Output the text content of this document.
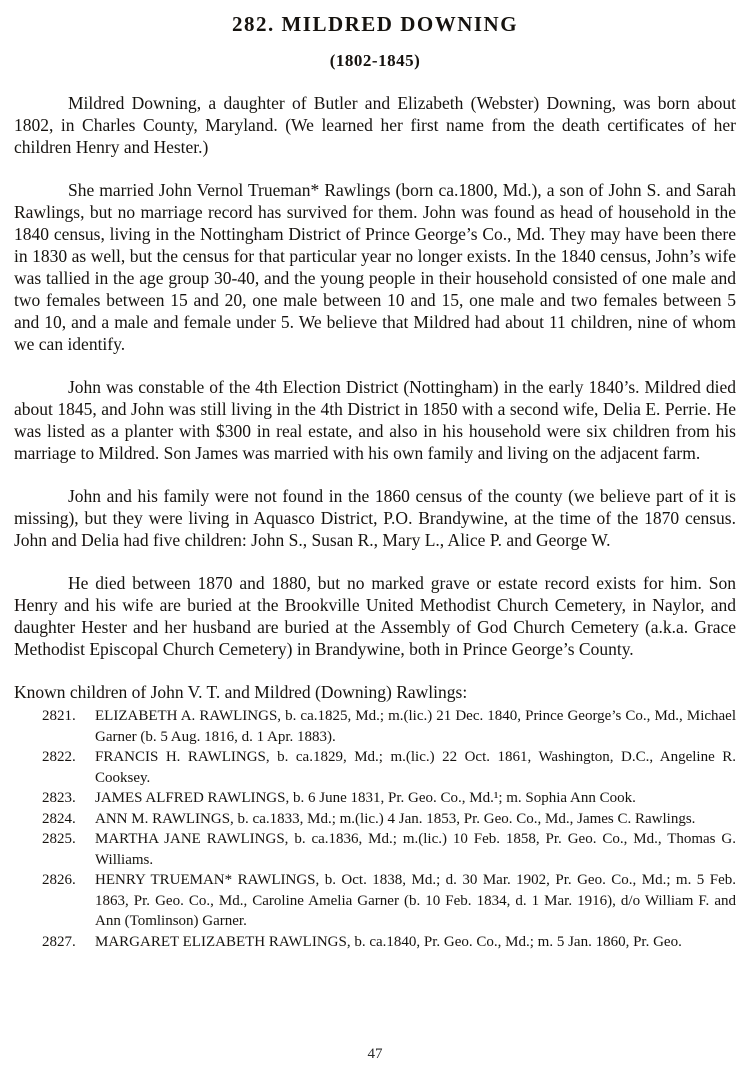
282. MILDRED DOWNING
(1802-1845)

Mildred Downing, a daughter of Butler and Elizabeth (Webster) Downing, was born about 1802, in Charles County, Maryland. (We learned her first name from the death certificates of her children Henry and Hester.)

She married John Vernol Trueman* Rawlings (born ca.1800, Md.), a son of John S. and Sarah Rawlings, but no marriage record has survived for them. John was found as head of household in the 1840 census, living in the Nottingham District of Prince George’s Co., Md. They may have been there in 1830 as well, but the census for that particular year no longer exists. In the 1840 census, John’s wife was tallied in the age group 30-40, and the young people in their household consisted of one male and two females between 15 and 20, one male between 10 and 15, one male and two females between 5 and 10, and a male and female under 5. We believe that Mildred had about 11 children, nine of whom we can identify.

John was constable of the 4th Election District (Nottingham) in the early 1840’s. Mildred died about 1845, and John was still living in the 4th District in 1850 with a second wife, Delia E. Perrie. He was listed as a planter with $300 in real estate, and also in his household were six children from his marriage to Mildred. Son James was married with his own family and living on the adjacent farm.

John and his family were not found in the 1860 census of the county (we believe part of it is missing), but they were living in Aquasco District, P.O. Brandywine, at the time of the 1870 census. John and Delia had five children: John S., Susan R., Mary L., Alice P. and George W.

He died between 1870 and 1880, but no marked grave or estate record exists for him. Son Henry and his wife are buried at the Brookville United Methodist Church Cemetery, in Naylor, and daughter Hester and her husband are buried at the Assembly of God Church Cemetery (a.k.a. Grace Methodist Episcopal Church Cemetery) in Brandywine, both in Prince George’s County.

Known children of John V. T. and Mildred (Downing) Rawlings:

2821. ELIZABETH A. RAWLINGS, b. ca.1825, Md.; m.(lic.) 21 Dec. 1840, Prince George’s Co., Md., Michael Garner (b. 5 Aug. 1816, d. 1 Apr. 1883).
2822. FRANCIS H. RAWLINGS, b. ca.1829, Md.; m.(lic.) 22 Oct. 1861, Washington, D.C., Angeline R. Cooksey.
2823. JAMES ALFRED RAWLINGS, b. 6 June 1831, Pr. Geo. Co., Md.¹; m. Sophia Ann Cook.
2824. ANN M. RAWLINGS, b. ca.1833, Md.; m.(lic.) 4 Jan. 1853, Pr. Geo. Co., Md., James C. Rawlings.
2825. MARTHA JANE RAWLINGS, b. ca.1836, Md.; m.(lic.) 10 Feb. 1858, Pr. Geo. Co., Md., Thomas G. Williams.
2826. HENRY TRUEMAN* RAWLINGS, b. Oct. 1838, Md.; d. 30 Mar. 1902, Pr. Geo. Co., Md.; m. 5 Feb. 1863, Pr. Geo. Co., Md., Caroline Amelia Garner (b. 10 Feb. 1834, d. 1 Mar. 1916), d/o William F. and Ann (Tomlinson) Garner.
2827. MARGARET ELIZABETH RAWLINGS, b. ca.1840, Pr. Geo. Co., Md.; m. 5 Jan. 1860, Pr. Geo.
47
